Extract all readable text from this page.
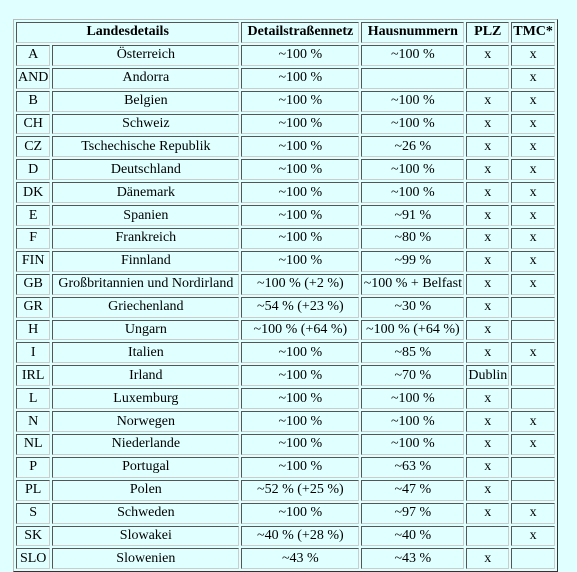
Landesdetails		Detailstraßennetz	Hausnummern	PLZ	TMC*
A	Österreich	~100 %	~100 %	x	x
AND	Andorra	~100 %			x
B	Belgien	~100 %	~100 %	x	x
CH	Schweiz	~100 %	~100 %	x	x
CZ	Tschechische Republik	~100 %	~26 %	x	x
D	Deutschland	~100 %	~100 %	x	x
DK	Dänemark	~100 %	~100 %	x	x
E	Spanien	~100 %	~91 %	x	x
F	Frankreich	~100 %	~80 %	x	x
FIN	Finnland	~100 %	~99 %	x	x
GB	Großbritannien und Nordirland	~100 % (+2 %)	~100 % + Belfast	x	x
GR	Griechenland	~54 % (+23 %)	~30 %	x	
H	Ungarn	~100 % (+64 %)	~100 % (+64 %)	x	
I	Italien	~100 %	~85 %	x	x
IRL	Irland	~100 %	~70 %	Dublin	
L	Luxemburg	~100 %	~100 %	x	
N	Norwegen	~100 %	~100 %	x	x
NL	Niederlande	~100 %	~100 %	x	x
P	Portugal	~100 %	~63 %	x	
PL	Polen	~52 % (+25 %)	~47 %	x	
S	Schweden	~100 %	~97 %	x	x
SK	Slowakei	~40 % (+28 %)	~40 %		x
SLO	Slowenien	~43 %	~43 %	x	
